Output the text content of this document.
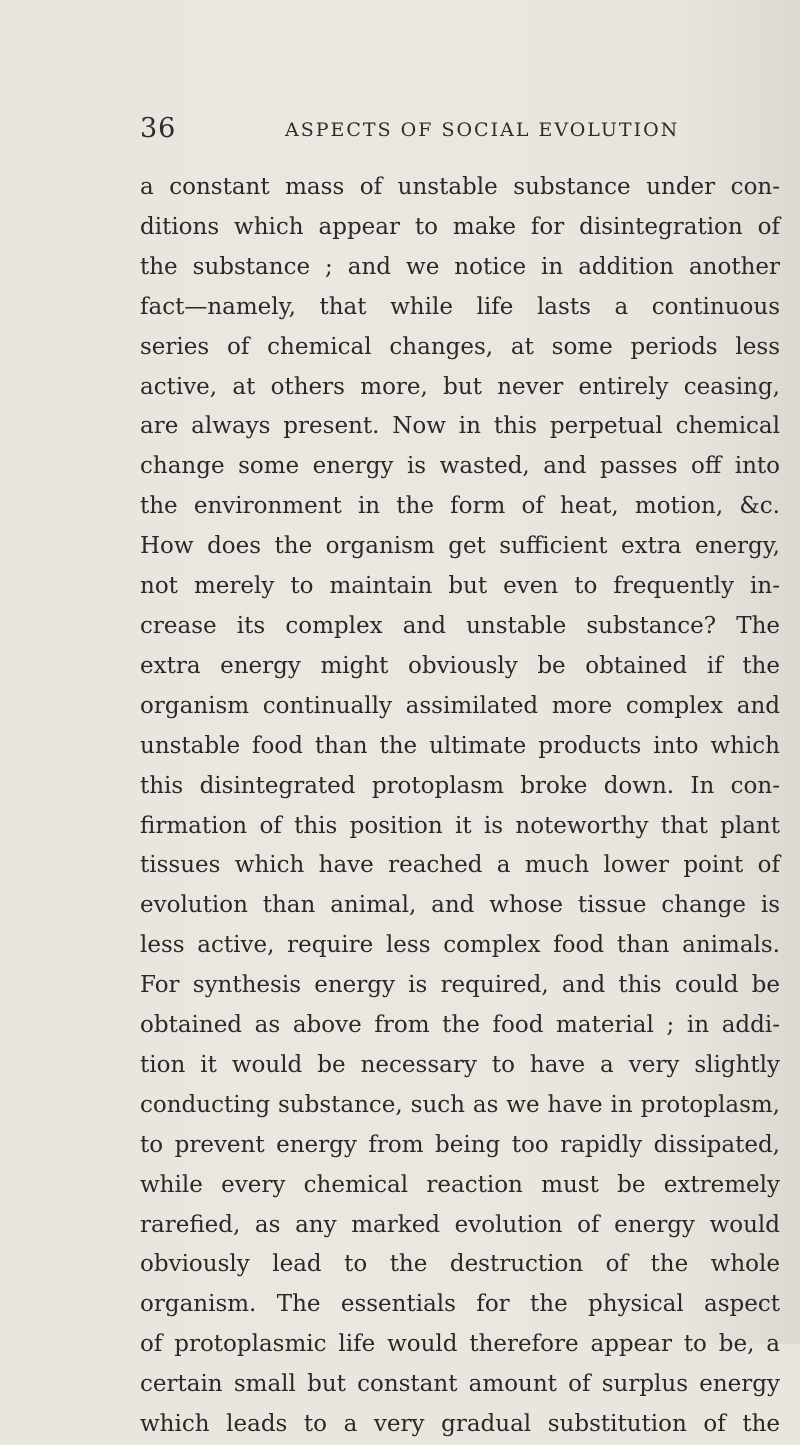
36	ASPECTS OF SOCIAL EVOLUTION
a constant mass of unstable substance under con-
ditions which appear to make for disintegration of
the substance ; and we notice in addition another
fact—namely, that while life lasts a continuous
series of chemical changes, at some periods less
active, at others more, but never entirely ceasing,
are always present. Now in this perpetual chemical
change some energy is wasted, and passes off into
the environment in the form of heat, motion, &c.
How does the organism get sufficient extra energy,
not merely to maintain but even to frequently in-
crease its complex and unstable substance? The
extra energy might obviously be obtained if the
organism continually assimilated more complex and
unstable food than the ultimate products into which
this disintegrated protoplasm broke down. In con-
firmation of this position it is noteworthy that plant
tissues which have reached a much lower point of
evolution than animal, and whose tissue change is
less active, require less complex food than animals.
For synthesis energy is required, and this could be
obtained as above from the food material ; in addi-
tion it would be necessary to have a very slightly
conducting substance, such as we have in protoplasm,
to prevent energy from being too rapidly dissipated,
while every chemical reaction must be extremely
rarefied, as any marked evolution of energy would
obviously lead to the destruction of the whole
organism. The essentials for the physical aspect
of protoplasmic life would therefore appear to be, a
certain small but constant amount of surplus energy
which leads to a very gradual substitution of the
